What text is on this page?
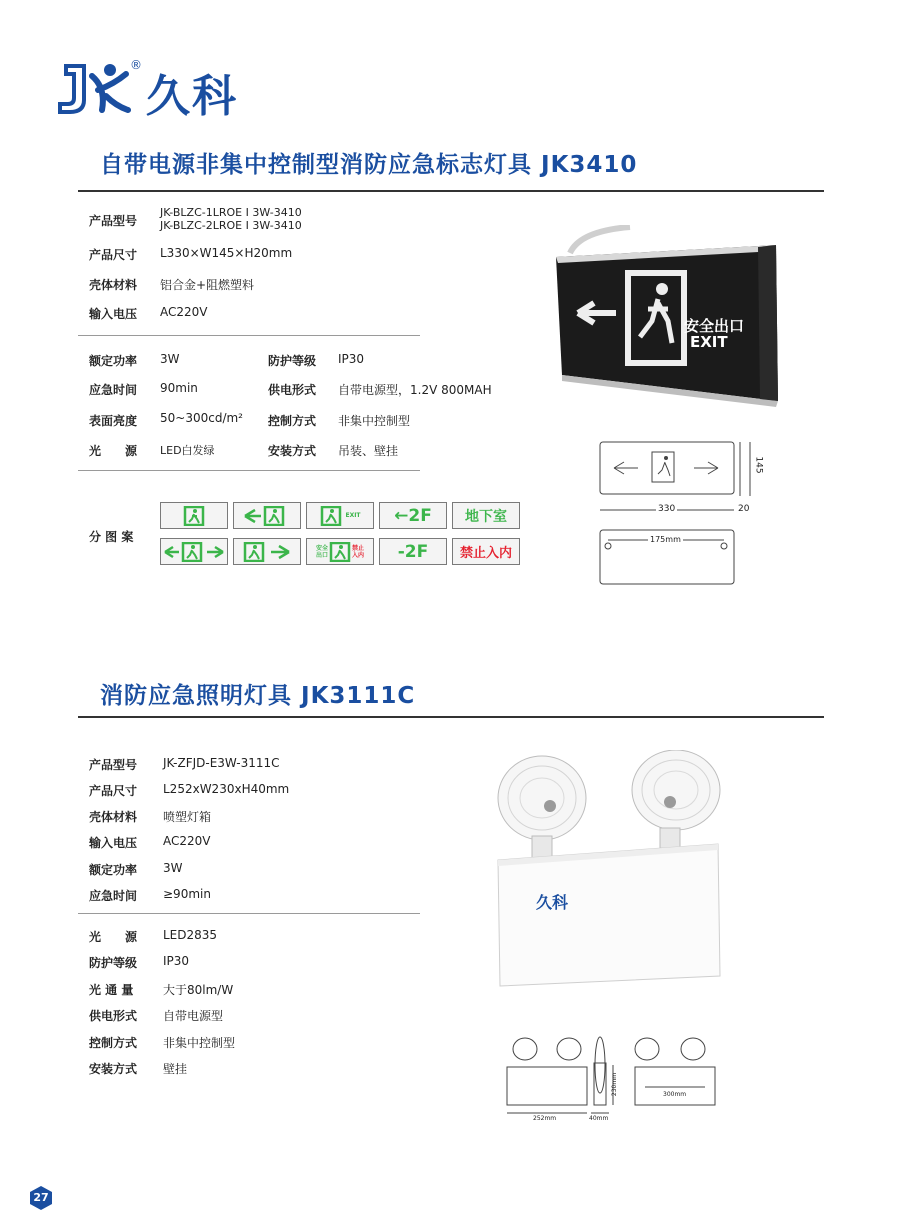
®
久科
自带电源非集中控制型消防应急标志灯具 JK3410
产品型号
JK-BLZC-1LROE I 3W-3410
JK-BLZC-2LROE I 3W-3410
产品尺寸 L330×W145×H20mm
壳体材料 铝合金+阻燃塑料
输入电压 AC220V
额定功率 3W	防护等级 IP30
应急时间 90min	供电形式 自带电源型，1.2V 800MAH
表面亮度 50~300cd/m² 控制方式 非集中控制型
光　　源 LED白发绿	安装方式 吊装、壁挂
分 图 案
EXIT	←2F	地下室
安全出口
禁止入内	-2F	禁止入内
安全出口
EXIT
330	20
145
175mm
消防应急照明灯具 JK3111C
产品型号 JK-ZFJD-E3W-3111C
产品尺寸 L252xW230xH40mm
壳体材料 喷塑灯箱
输入电压 AC220V
额定功率 3W
应急时间 ≥90min
光　　源 LED2835
防护等级 IP30
光 通 量 大于80lm/W
供电形式 自带电源型
控制方式 非集中控制型
安装方式 壁挂
久科
252mm	40mm
230mm	300mm
27
